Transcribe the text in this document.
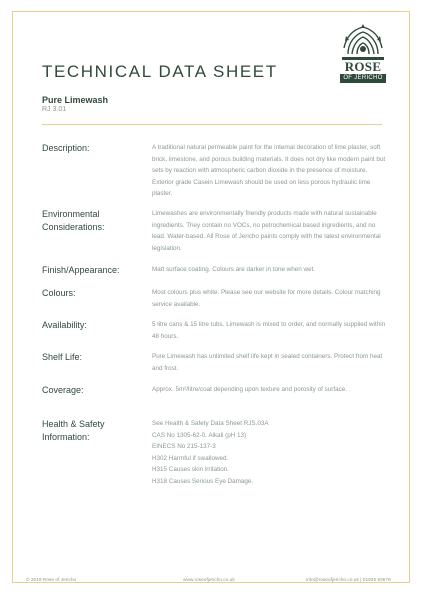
ROSE
OF JERICHO
TECHNICAL DATA SHEET
Pure Limewash
RJ 3.01
Description:	A traditional natural permeable paint for the internal decoration of lime plaster, soft brick, limestone, and porous building materials. It does not dry like modern paint but sets by reaction with atmospheric carbon dioxide in the presence of moisture. Exterior grade Casein Limewash should be used on less porous hydraulic lime plaster.
Environmental Considerations:
Limewashes are environmentally friendly products made with natural sustainable ingredients. They contain no VOCs, no petrochemical based ingredients, and no lead. Water-based. All Rose of Jericho paints comply with the latest environmental legislation.
Finish/Appearance:	Matt surface coating. Colours are darker in tone when wet.
Colours:	Most colours plus white. Please see our website for more details. Colour matching service available.
Availability:	5 litre cans & 15 litre tubs. Limewash is mixed to order, and normally supplied within 48 hours.
Shelf Life:	Pure Limewash has unlimited shelf life kept in sealed containers. Protect from heat and frost.
Coverage:	Approx. 5m²/litre/coat depending upon texture and porosity of surface.
Health & Safety Information:
See Health & Safety Data Sheet RJS.03A
CAS No 1305-62-0. Alkali (pH 13)
EINECS No 215-137-3
H302 Harmful if swallowed.
H315 Causes skin irritation.
H318 Causes Serious Eye Damage.
© 2019 Rose of Jericho	www.roseofjericho.co.uk	info@roseofjericho.co.uk | 01935 83676
